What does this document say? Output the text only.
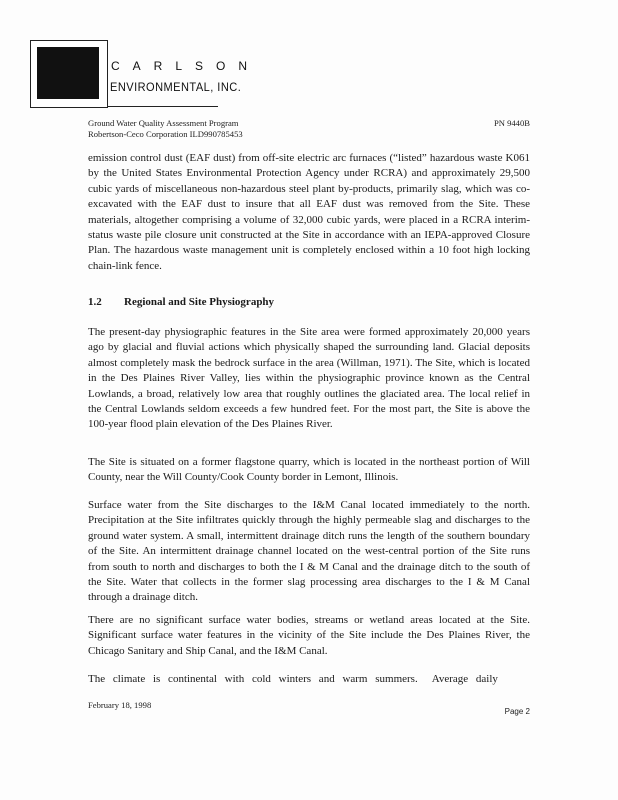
CARLSON
ENVIRONMENTAL, INC.
Ground Water Quality Assessment Program
Robertson-Ceco Corporation ILD990785453
PN 9440B

emission control dust (EAF dust) from off-site electric arc furnaces (“listed” hazardous waste K061 by the United States Environmental Protection Agency under RCRA) and approximately 29,500 cubic yards of miscellaneous non-hazardous steel plant by-products, primarily slag, which was co-excavated with the EAF dust to insure that all EAF dust was removed from the Site. These materials, altogether comprising a volume of 32,000 cubic yards, were placed in a RCRA interim-status waste pile closure unit constructed at the Site in accordance with an IEPA-approved Closure Plan. The hazardous waste management unit is completely enclosed within a 10 foot high locking chain-link fence.

1.2 Regional and Site Physiography

The present-day physiographic features in the Site area were formed approximately 20,000 years ago by glacial and fluvial actions which physically shaped the surrounding land. Glacial deposits almost completely mask the bedrock surface in the area (Willman, 1971). The Site, which is located in the Des Plaines River Valley, lies within the physiographic province known as the Central Lowlands, a broad, relatively low area that roughly outlines the glaciated area. The local relief in the Central Lowlands seldom exceeds a few hundred feet. For the most part, the Site is above the 100-year flood plain elevation of the Des Plaines River.

The Site is situated on a former flagstone quarry, which is located in the northeast portion of Will County, near the Will County/Cook County border in Lemont, Illinois.

Surface water from the Site discharges to the I&M Canal located immediately to the north. Precipitation at the Site infiltrates quickly through the highly permeable slag and discharges to the ground water system. A small, intermittent drainage ditch runs the length of the southern boundary of the Site. An intermittent drainage channel located on the west-central portion of the Site runs from south to north and discharges to both the I & M Canal and the drainage ditch to the south of the Site. Water that collects in the former slag processing area discharges to the I & M Canal through a drainage ditch.

There are no significant surface water bodies, streams or wetland areas located at the Site. Significant surface water features in the vicinity of the Site include the Des Plaines River, the Chicago Sanitary and Ship Canal, and the I&M Canal.

The climate is continental with cold winters and warm summers. Average daily

February 18, 1998
Page 2
